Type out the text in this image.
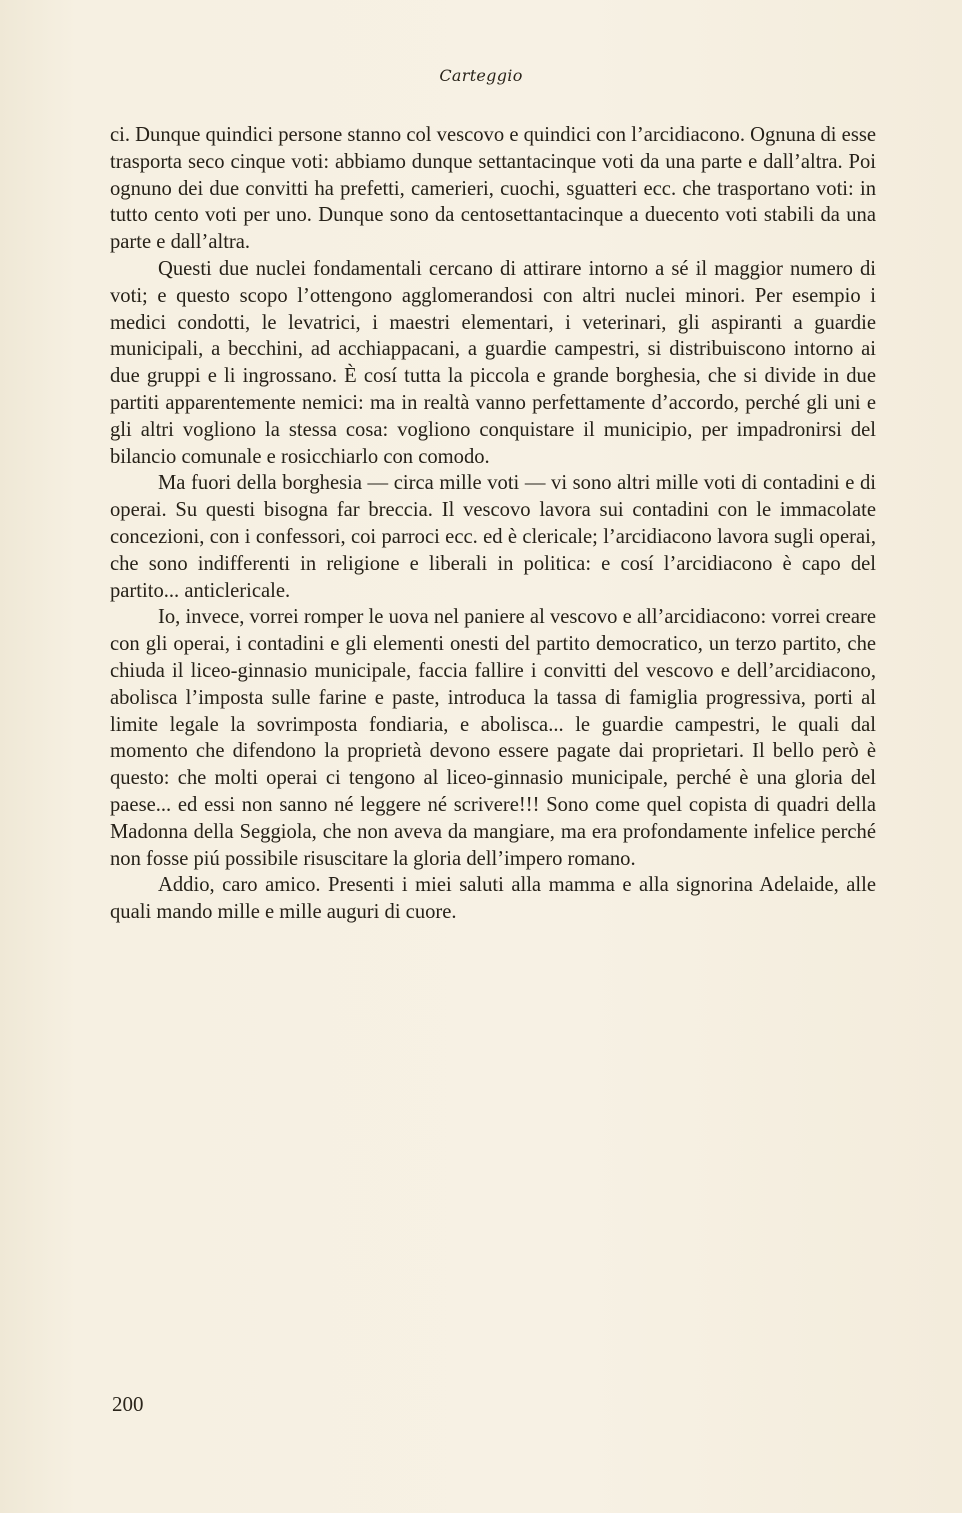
Carteggio

ci. Dunque quindici persone stanno col vescovo e quindici con l’arcidiacono. Ognuna di esse trasporta seco cinque voti: abbiamo dunque settantacinque voti da una parte e dall’altra. Poi ognuno dei due convitti ha prefetti, camerieri, cuochi, sguatteri ecc. che trasportano voti: in tutto cento voti per uno. Dunque sono da centosettantacinque a duecento voti stabili da una parte e dall’altra.

Questi due nuclei fondamentali cercano di attirare intorno a sé il maggior numero di voti; e questo scopo l’ottengono agglomerandosi con altri nuclei minori. Per esempio i medici condotti, le levatrici, i maestri elementari, i veterinari, gli aspiranti a guardie municipali, a becchini, ad acchiappacani, a guardie campestri, si distribuiscono intorno ai due gruppi e li ingrossano. È cosí tutta la piccola e grande borghesia, che si divide in due partiti apparentemente nemici: ma in realtà vanno perfettamente d’accordo, perché gli uni e gli altri vogliono la stessa cosa: vogliono conquistare il municipio, per impadronirsi del bilancio comunale e rosicchiarlo con comodo.

Ma fuori della borghesia — circa mille voti — vi sono altri mille voti di contadini e di operai. Su questi bisogna far breccia. Il vescovo lavora sui contadini con le immacolate concezioni, con i confessori, coi parroci ecc. ed è clericale; l’arcidiacono lavora sugli operai, che sono indifferenti in religione e liberali in politica: e cosí l’arcidiacono è capo del partito... anticlericale.

Io, invece, vorrei romper le uova nel paniere al vescovo e all’arcidiacono: vorrei creare con gli operai, i contadini e gli elementi onesti del partito democratico, un terzo partito, che chiuda il liceo-ginnasio municipale, faccia fallire i convitti del vescovo e dell’arcidiacono, abolisca l’imposta sulle farine e paste, introduca la tassa di famiglia progressiva, porti al limite legale la sovrimposta fondiaria, e abolisca... le guardie campestri, le quali dal momento che difendono la proprietà devono essere pagate dai proprietari. Il bello però è questo: che molti operai ci tengono al liceo-ginnasio municipale, perché è una gloria del paese... ed essi non sanno né leggere né scrivere!!! Sono come quel copista di quadri della Madonna della Seggiola, che non aveva da mangiare, ma era profondamente infelice perché non fosse piú possibile risuscitare la gloria dell’impero romano.

Addio, caro amico. Presenti i miei saluti alla mamma e alla signorina Adelaide, alle quali mando mille e mille auguri di cuore.

200
